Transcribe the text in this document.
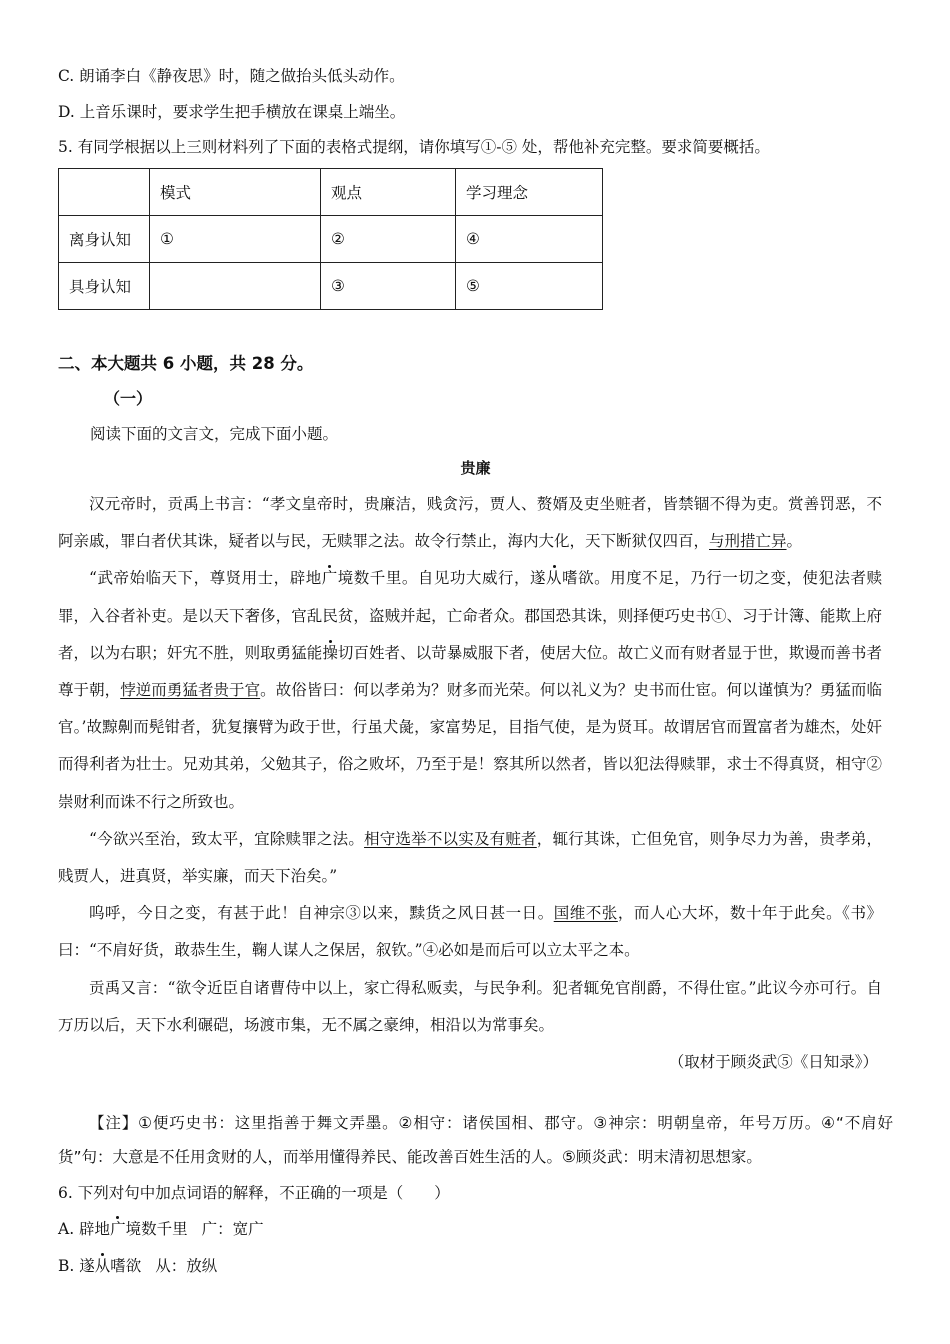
C. 朗诵李白《静夜思》时，随之做抬头低头动作。
D. 上音乐课时，要求学生把手横放在课桌上端坐。
5. 有同学根据以上三则材料列了下面的表格式提纲，请你填写①-⑤ 处，帮他补充完整。要求简要概括。
	模式	观点	学习理念
离身认知	①	②	④
具身认知		③	⑤
二、本大题共 6 小题，共 28 分。
（一）
阅读下面的文言文，完成下面小题。
贵廉

汉元帝时，贡禹上书言：“孝文皇帝时，贵廉洁，贱贪污，贾人、赘婿及吏坐赃者，皆禁锢不得为吏。赏善罚恶，不阿亲戚，罪白者伏其诛，疑者以与民，无赎罪之法。故令行禁止，海内大化，天下断狱仅四百，与刑措亡异。

“武帝始临天下，尊贤用士，辟地广境数千里。自见功大威行，遂从嗜欲。用度不足，乃行一切之变，使犯法者赎罪，入谷者补吏。是以天下奢侈，官乱民贫，盗贼并起，亡命者众。郡国恐其诛，则择便巧史书①、习于计簿、能欺上府者，以为右职；奸宄不胜，则取勇猛能操切百姓者、以苛暴威服下者，使居大位。故亡义而有财者显于世，欺谩而善书者尊于朝，悖逆而勇猛者贵于官。故俗皆曰：何以孝弟为？财多而光荣。何以礼义为？史书而仕宦。何以谨慎为？勇猛而临官。’故黥劓而髡钳者，犹复攘臂为政于世，行虽犬彘，家富势足，目指气使，是为贤耳。故谓居官而置富者为雄杰，处奸而得利者为壮士。兄劝其弟，父勉其子，俗之败坏，乃至于是！察其所以然者，皆以犯法得赎罪，求士不得真贤，相守②崇财利而诛不行之所致也。

“今欲兴至治，致太平，宜除赎罪之法。相守选举不以实及有赃者，辄行其诛，亡但免官，则争尽力为善，贵孝弟，贱贾人，进真贤，举实廉，而天下治矣。”

呜呼，今日之变，有甚于此！自神宗③以来，黩货之风日甚一日。国维不张，而人心大坏，数十年于此矣。《书》曰：“不肩好货，敢恭生生，鞠人谋人之保居，叙钦。”④必如是而后可以立太平之本。

贡禹又言：“欲令近臣自诸曹侍中以上，家亡得私贩卖，与民争利。犯者辄免官削爵，不得仕宦。”此议今亦可行。自万历以后，天下水利碾硙，场渡市集，无不属之豪绅，相沿以为常事矣。

（取材于顾炎武⑤《日知录》）

【注】①便巧史书：这里指善于舞文弄墨。②相守：诸侯国相、郡守。③神宗：明朝皇帝，年号万历。④“不肩好货”句：大意是不任用贪财的人，而举用懂得养民、能改善百姓生活的人。⑤顾炎武：明末清初思想家。

6. 下列对句中加点词语的解释，不正确的一项是（　　）
A. 辟地广境数千里 广：宽广
B. 遂从嗜欲 从：放纵
